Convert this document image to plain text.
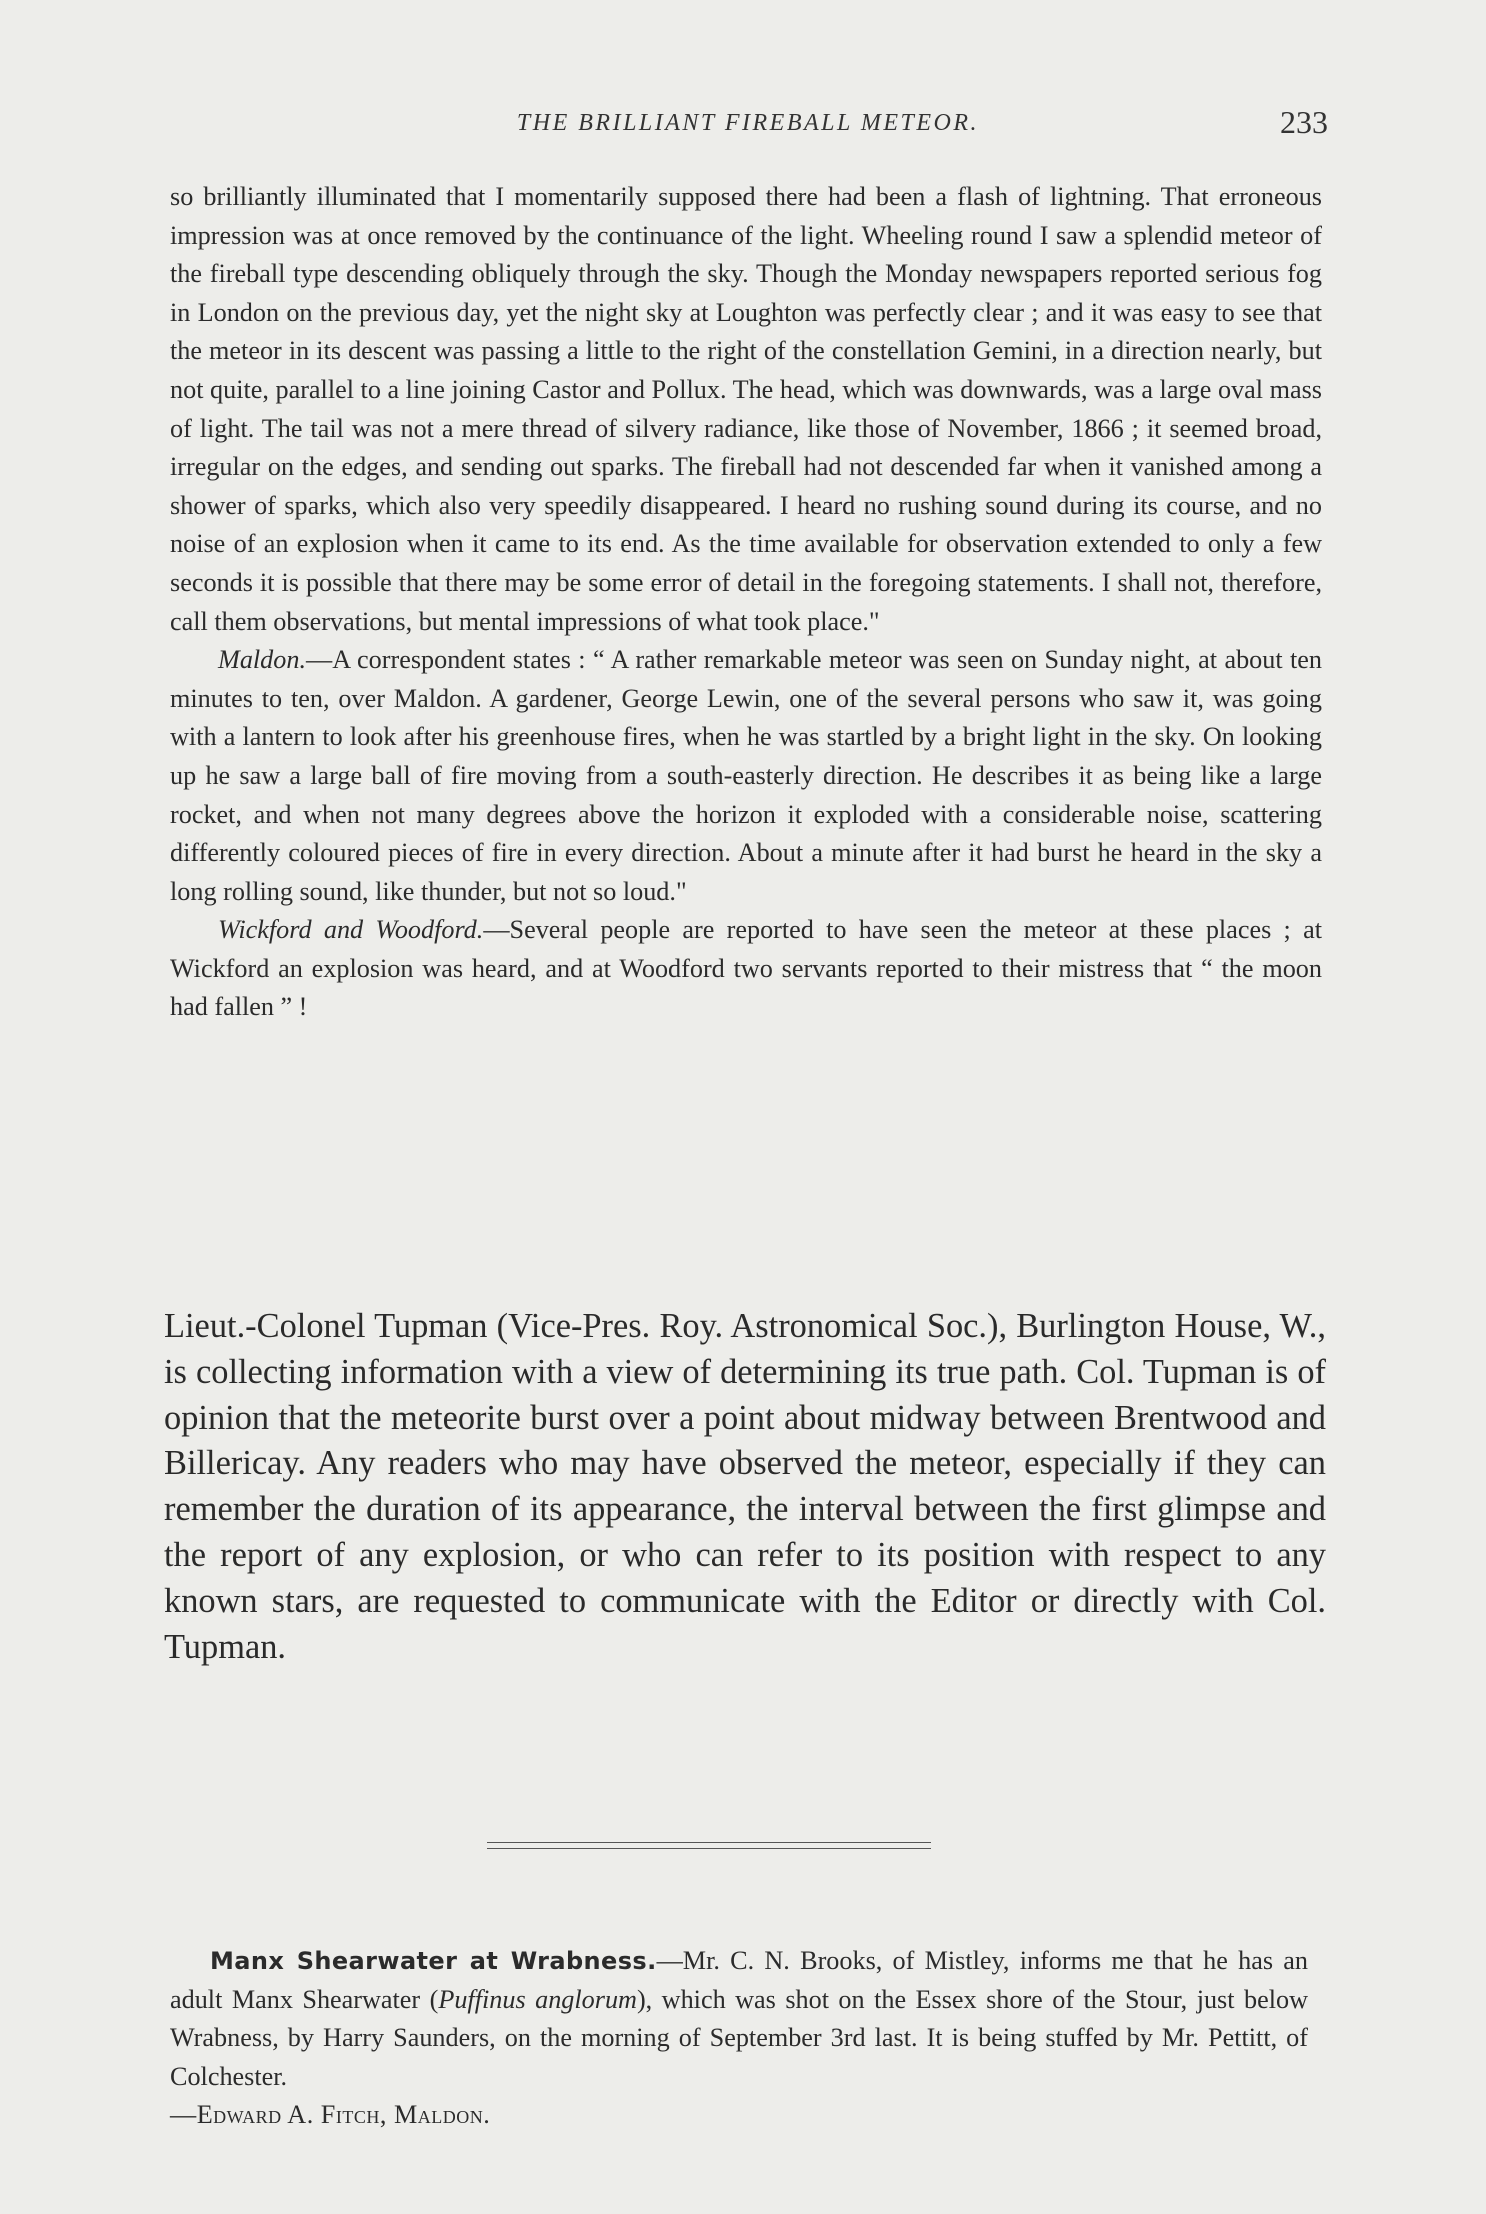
THE BRILLIANT FIREBALL METEOR.	233

so brilliantly illuminated that I momentarily supposed there had been a flash of lightning. That erroneous impression was at once removed by the continuance of the light. Wheeling round I saw a splendid meteor of the fireball type descending obliquely through the sky. Though the Monday newspapers reported serious fog in London on the previous day, yet the night sky at Loughton was perfectly clear ; and it was easy to see that the meteor in its descent was passing a little to the right of the constellation Gemini, in a direction nearly, but not quite, parallel to a line joining Castor and Pollux. The head, which was downwards, was a large oval mass of light. The tail was not a mere thread of silvery radiance, like those of November, 1866 ; it seemed broad, irregular on the edges, and sending out sparks. The fireball had not descended far when it vanished among a shower of sparks, which also very speedily disappeared. I heard no rushing sound during its course, and no noise of an explosion when it came to its end. As the time available for observation extended to only a few seconds it is possible that there may be some error of detail in the foregoing statements. I shall not, therefore, call them observations, but mental impressions of what took place."

Maldon.—A correspondent states : “ A rather remarkable meteor was seen on Sunday night, at about ten minutes to ten, over Maldon. A gardener, George Lewin, one of the several persons who saw it, was going with a lantern to look after his greenhouse fires, when he was startled by a bright light in the sky. On looking up he saw a large ball of fire moving from a south-easterly direction. He describes it as being like a large rocket, and when not many degrees above the horizon it exploded with a considerable noise, scattering differently coloured pieces of fire in every direction. About a minute after it had burst he heard in the sky a long rolling sound, like thunder, but not so loud."

Wickford and Woodford.—Several people are reported to have seen the meteor at these places ; at Wickford an explosion was heard, and at Woodford two servants reported to their mistress that “ the moon had fallen ” !

Lieut.-Colonel Tupman (Vice-Pres. Roy. Astronomical Soc.), Burlington House, W., is collecting information with a view of determining its true path. Col. Tupman is of opinion that the meteorite burst over a point about midway between Brentwood and Billericay. Any readers who may have observed the meteor, especially if they can remember the duration of its appearance, the interval between the first glimpse and the report of any explosion, or who can refer to its position with respect to any known stars, are requested to communicate with the Editor or directly with Col. Tupman.

Manx Shearwater at Wrabness.—Mr. C. N. Brooks, of Mistley, informs me that he has an adult Manx Shearwater (Puffinus anglorum), which was shot on the Essex shore of the Stour, just below Wrabness, by Harry Saunders, on the morning of September 3rd last. It is being stuffed by Mr. Pettitt, of Colchester.
—Edward A. Fitch, Maldon.
